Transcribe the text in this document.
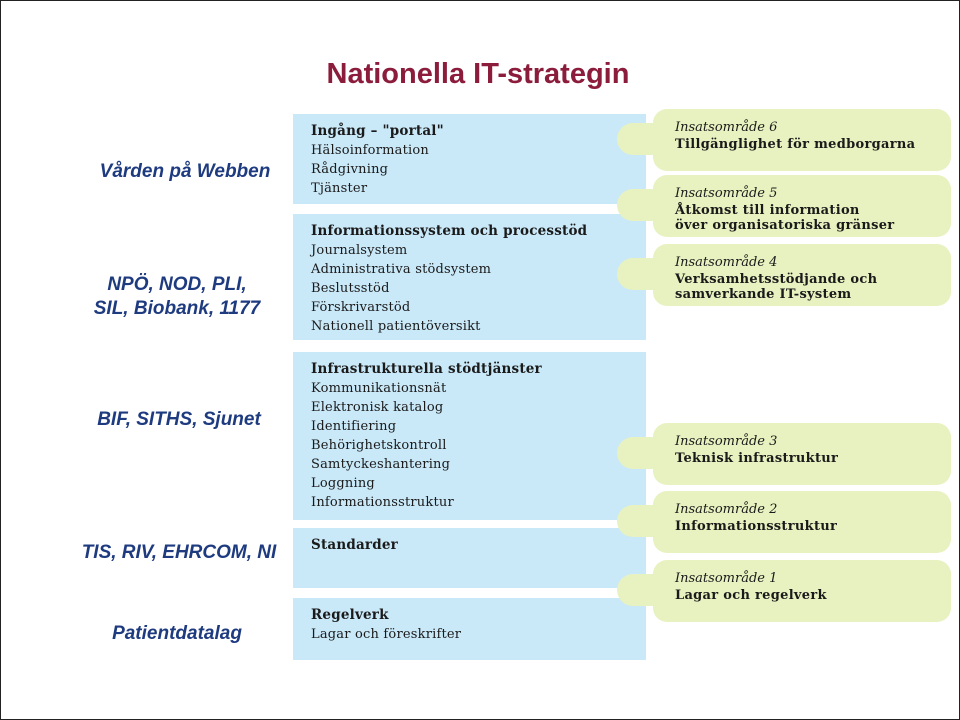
Nationella IT-strategin
Vården på Webben
NPÖ, NOD, PLI,
SIL, Biobank, 1177
BIF, SITHS, Sjunet
TIS, RIV, EHRCOM, NI
Patientdatalag
Ingång – "portal"
Hälsoinformation
Rådgivning
Tjänster
Informationssystem och processtöd
Journalsystem
Administrativa stödsystem
Beslutsstöd
Förskrivarstöd
Nationell patientöversikt
Infrastrukturella stödtjänster
Kommunikationsnät
Elektronisk katalog
Identifiering
Behörighetskontroll
Samtyckeshantering
Loggning
Informationsstruktur
Standarder
Regelverk
Lagar och föreskrifter
Insatsområde 6
Tillgänglighet för medborgarna
Insatsområde 5
Åtkomst till information
över organisatoriska gränser
Insatsområde 4
Verksamhetsstödjande och
samverkande IT-system
Insatsområde 3
Teknisk infrastruktur
Insatsområde 2
Informationsstruktur
Insatsområde 1
Lagar och regelverk
